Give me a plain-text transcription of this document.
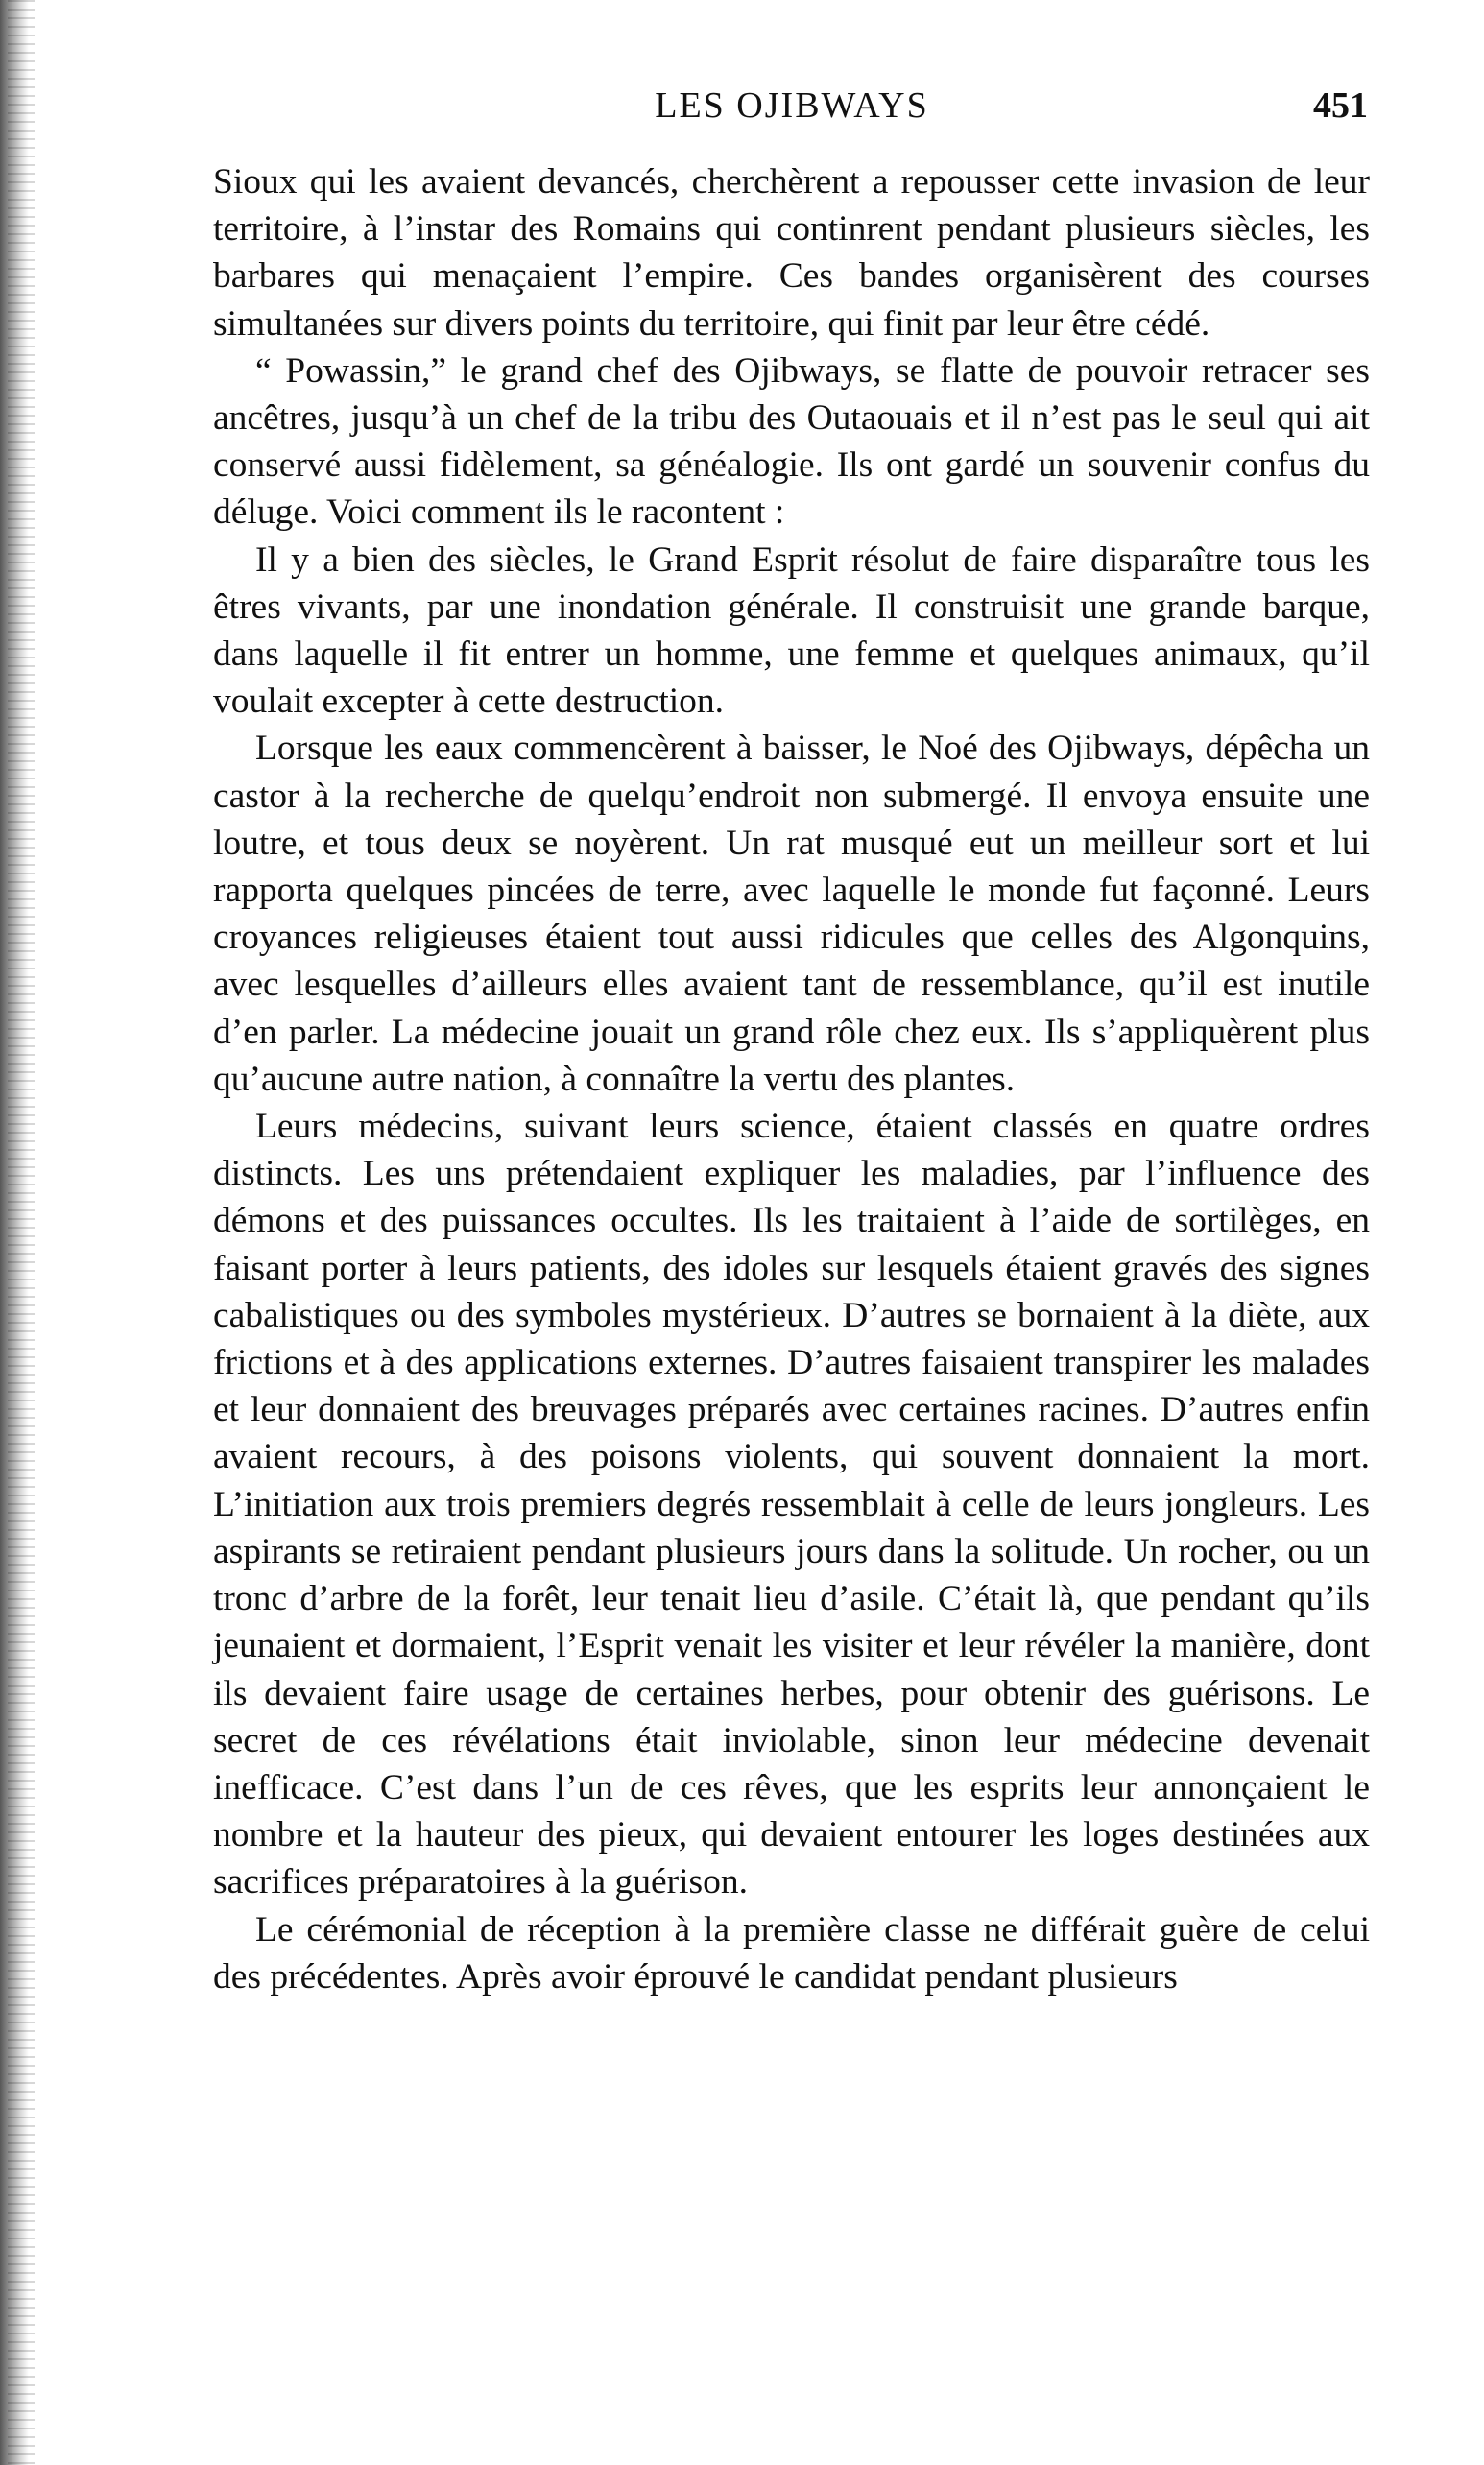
LES OJIBWAYS	451

Sioux qui les avaient devancés, cherchèrent a repousser cette invasion de leur territoire, à l’instar des Romains qui continrent pendant plusieurs siècles, les barbares qui menaçaient l’empire. Ces bandes organisèrent des courses simultanées sur divers points du territoire, qui finit par leur être cédé.

“ Powassin,” le grand chef des Ojibways, se flatte de pouvoir retracer ses ancêtres, jusqu’à un chef de la tribu des Outaouais et il n’est pas le seul qui ait conservé aussi fidèlement, sa généalogie. Ils ont gardé un souvenir confus du déluge. Voici comment ils le racontent :

Il y a bien des siècles, le Grand Esprit résolut de faire disparaître tous les êtres vivants, par une inondation générale. Il construisit une grande barque, dans laquelle il fit entrer un homme, une femme et quelques animaux, qu’il voulait excepter à cette destruction.

Lorsque les eaux commencèrent à baisser, le Noé des Ojibways, dépêcha un castor à la recherche de quelqu’endroit non submergé. Il envoya ensuite une loutre, et tous deux se noyèrent. Un rat musqué eut un meilleur sort et lui rapporta quelques pincées de terre, avec laquelle le monde fut façonné. Leurs croyances religieuses étaient tout aussi ridicules que celles des Algonquins, avec lesquelles d’ailleurs elles avaient tant de ressemblance, qu’il est inutile d’en parler. La médecine jouait un grand rôle chez eux. Ils s’appliquèrent plus qu’aucune autre nation, à connaître la vertu des plantes.

Leurs médecins, suivant leurs science, étaient classés en quatre ordres distincts. Les uns prétendaient expliquer les maladies, par l’influence des démons et des puissances occultes. Ils les traitaient à l’aide de sortilèges, en faisant porter à leurs patients, des idoles sur lesquels étaient gravés des signes cabalistiques ou des symboles mystérieux. D’autres se bornaient à la diète, aux frictions et à des applications externes. D’autres faisaient transpirer les malades et leur donnaient des breuvages préparés avec certaines racines. D’autres enfin avaient recours, à des poisons violents, qui souvent donnaient la mort. L’initiation aux trois premiers degrés ressemblait à celle de leurs jongleurs. Les aspirants se retiraient pendant plusieurs jours dans la solitude. Un rocher, ou un tronc d’arbre de la forêt, leur tenait lieu d’asile. C’était là, que pendant qu’ils jeunaient et dormaient, l’Esprit venait les visiter et leur révéler la manière, dont ils devaient faire usage de certaines herbes, pour obtenir des guérisons. Le secret de ces révélations était inviolable, sinon leur médecine devenait inefficace. C’est dans l’un de ces rêves, que les esprits leur annonçaient le nombre et la hauteur des pieux, qui devaient entourer les loges destinées aux sacrifices préparatoires à la guérison.

Le cérémonial de réception à la première classe ne différait guère de celui des précédentes. Après avoir éprouvé le candidat pendant plusieurs
